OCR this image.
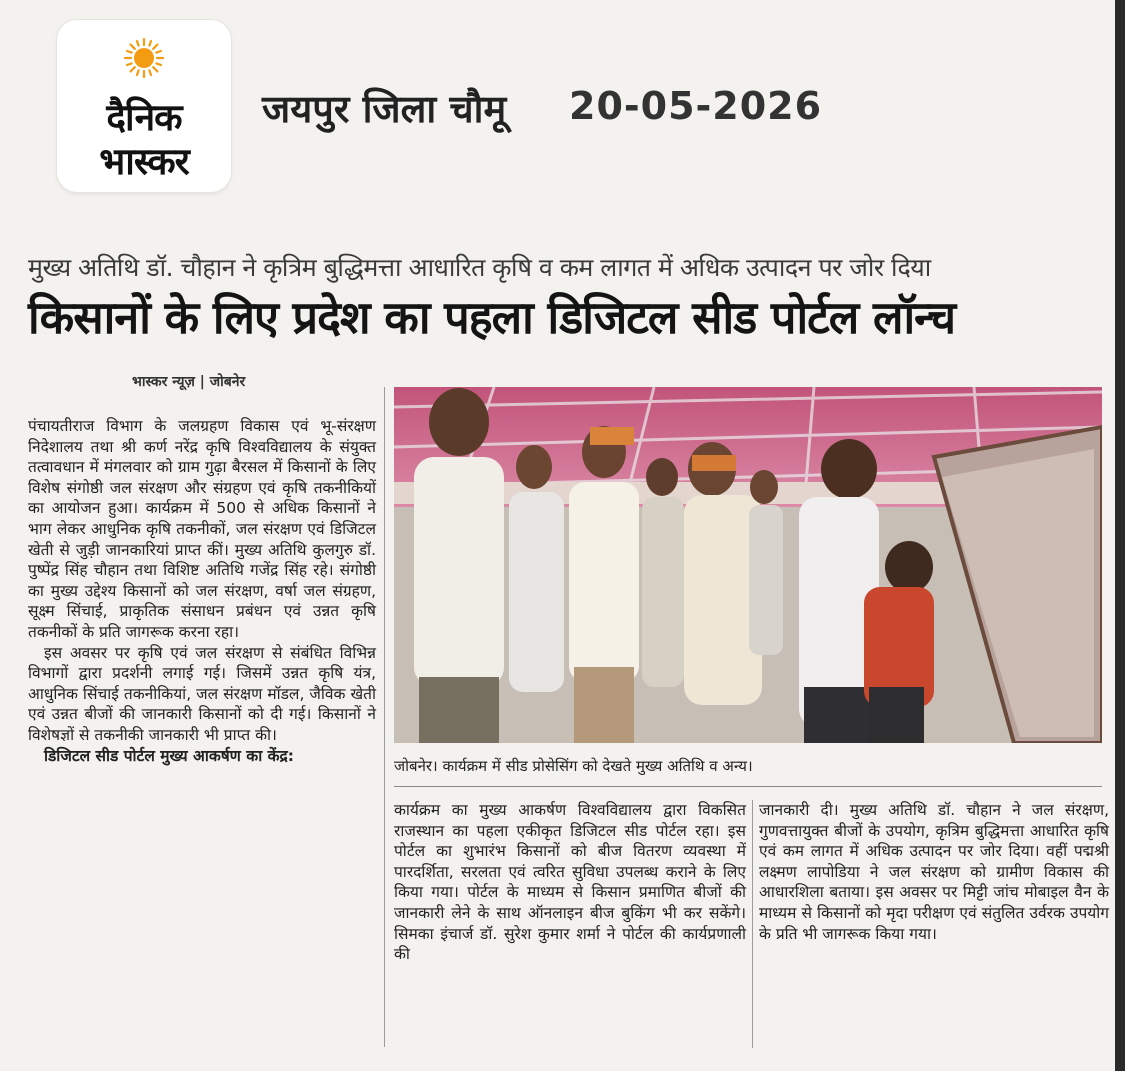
दैनिक
भास्कर
जयपुर जिला चौमू 20-05-2026
मुख्य अतिथि डॉ. चौहान ने कृत्रिम बुद्धिमत्ता आधारित कृषि व कम लागत में अधिक उत्पादन पर जोर दिया
किसानों के लिए प्रदेश का पहला डिजिटल सीड पोर्टल लॉन्च
भास्कर न्यूज़ | जोबनेर

पंचायतीराज विभाग के जलग्रहण विकास एवं भू-संरक्षण निदेशालय तथा श्री कर्ण नरेंद्र कृषि विश्वविद्यालय के संयुक्त तत्वावधान में मंगलवार को ग्राम गुढ़ा बैरसल में किसानों के लिए विशेष संगोष्ठी जल संरक्षण और संग्रहण एवं कृषि तकनीकियों का आयोजन हुआ। कार्यक्रम में 500 से अधिक किसानों ने भाग लेकर आधुनिक कृषि तकनीकों, जल संरक्षण एवं डिजिटल खेती से जुड़ी जानकारियां प्राप्त कीं। मुख्य अतिथि कुलगुरु डॉ. पुष्पेंद्र सिंह चौहान तथा विशिष्ट अतिथि गजेंद्र सिंह रहे। संगोष्ठी का मुख्य उद्देश्य किसानों को जल संरक्षण, वर्षा जल संग्रहण, सूक्ष्म सिंचाई, प्राकृतिक संसाधन प्रबंधन एवं उन्नत कृषि तकनीकों के प्रति जागरूक करना रहा।

इस अवसर पर कृषि एवं जल संरक्षण से संबंधित विभिन्न विभागों द्वारा प्रदर्शनी लगाई गई। जिसमें उन्नत कृषि यंत्र, आधुनिक सिंचाई तकनीकियां, जल संरक्षण मॉडल, जैविक खेती एवं उन्नत बीजों की जानकारी किसानों को दी गई। किसानों ने विशेषज्ञों से तकनीकी जानकारी भी प्राप्त की।

डिजिटल सीड पोर्टल मुख्य आकर्षण का केंद्र:

जोबनेर। कार्यक्रम में सीड प्रोसेसिंग को देखते मुख्य अतिथि व अन्य।

कार्यक्रम का मुख्य आकर्षण विश्वविद्यालय द्वारा विकसित राजस्थान का पहला एकीकृत डिजिटल सीड पोर्टल रहा। इस पोर्टल का शुभारंभ किसानों को बीज वितरण व्यवस्था में पारदर्शिता, सरलता एवं त्वरित सुविधा उपलब्ध कराने के लिए किया गया। पोर्टल के माध्यम से किसान प्रमाणित बीजों की जानकारी लेने के साथ ऑनलाइन बीज बुकिंग भी कर सकेंगे। सिमका इंचार्ज डॉ. सुरेश कुमार शर्मा ने पोर्टल की कार्यप्रणाली की

जानकारी दी। मुख्य अतिथि डॉ. चौहान ने जल संरक्षण, गुणवत्तायुक्त बीजों के उपयोग, कृत्रिम बुद्धिमत्ता आधारित कृषि एवं कम लागत में अधिक उत्पादन पर जोर दिया। वहीं पद्मश्री लक्ष्मण लापोडिया ने जल संरक्षण को ग्रामीण विकास की आधारशिला बताया। इस अवसर पर मिट्टी जांच मोबाइल वैन के माध्यम से किसानों को मृदा परीक्षण एवं संतुलित उर्वरक उपयोग के प्रति भी जागरूक किया गया।
